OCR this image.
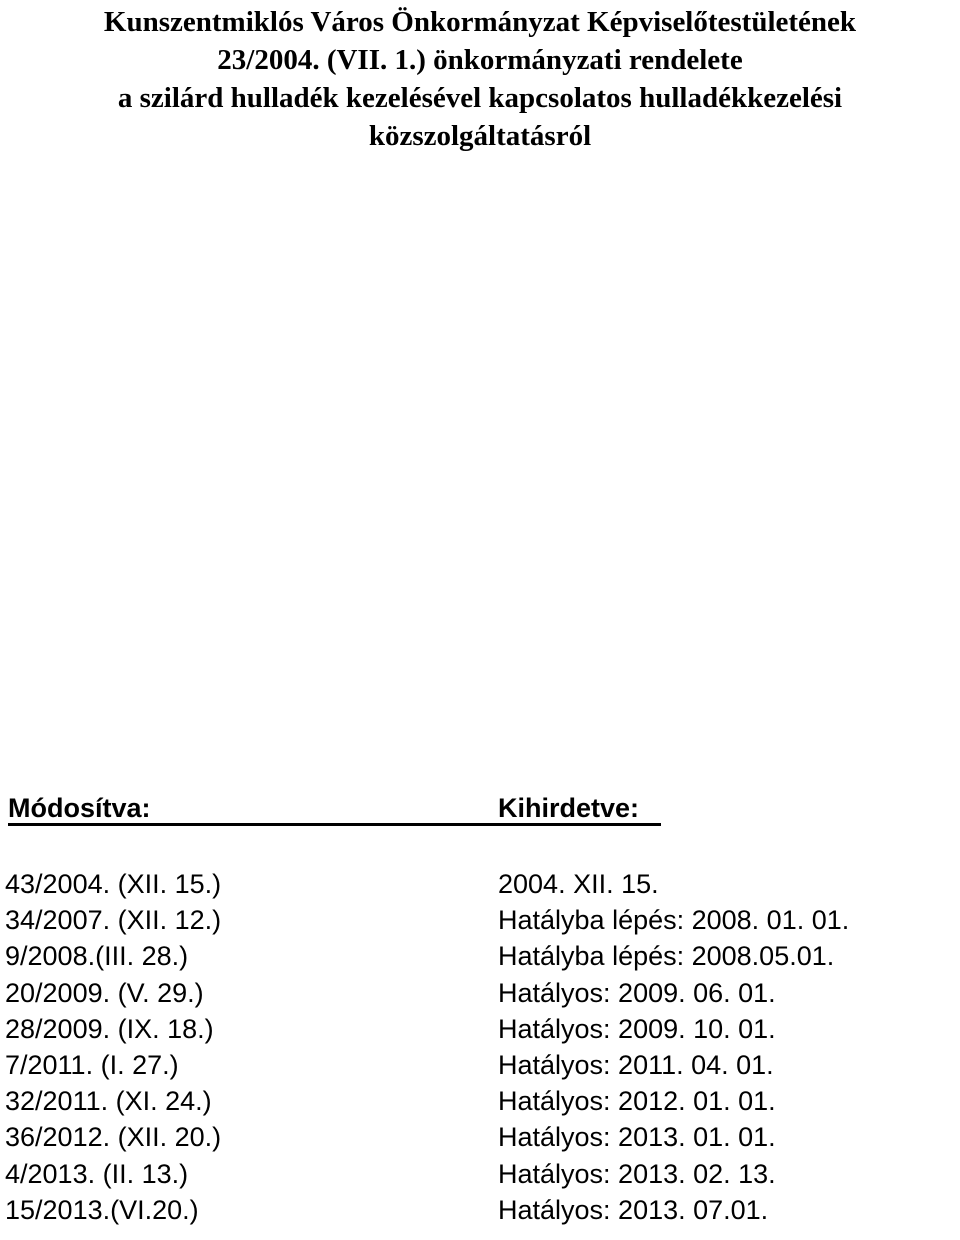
Kunszentmiklós Város Önkormányzat Képviselőtestületének
23/2004. (VII. 1.) önkormányzati rendelete
a szilárd hulladék kezelésével kapcsolatos hulladékkezelési
közszolgáltatásról
Módosítva:	Kihirdetve:
43/2004. (XII. 15.)	2004. XII. 15.
34/2007. (XII. 12.)	Hatályba lépés: 2008. 01. 01.
9/2008.(III. 28.)	Hatályba lépés: 2008.05.01.
20/2009. (V. 29.)	Hatályos: 2009. 06. 01.
28/2009. (IX. 18.)	Hatályos: 2009. 10. 01.
7/2011. (I. 27.)	Hatályos: 2011. 04. 01.
32/2011. (XI. 24.)	Hatályos: 2012. 01. 01.
36/2012. (XII. 20.)	Hatályos: 2013. 01. 01.
4/2013. (II. 13.)	Hatályos: 2013. 02. 13.
15/2013.(VI.20.)	Hatályos: 2013. 07.01.
